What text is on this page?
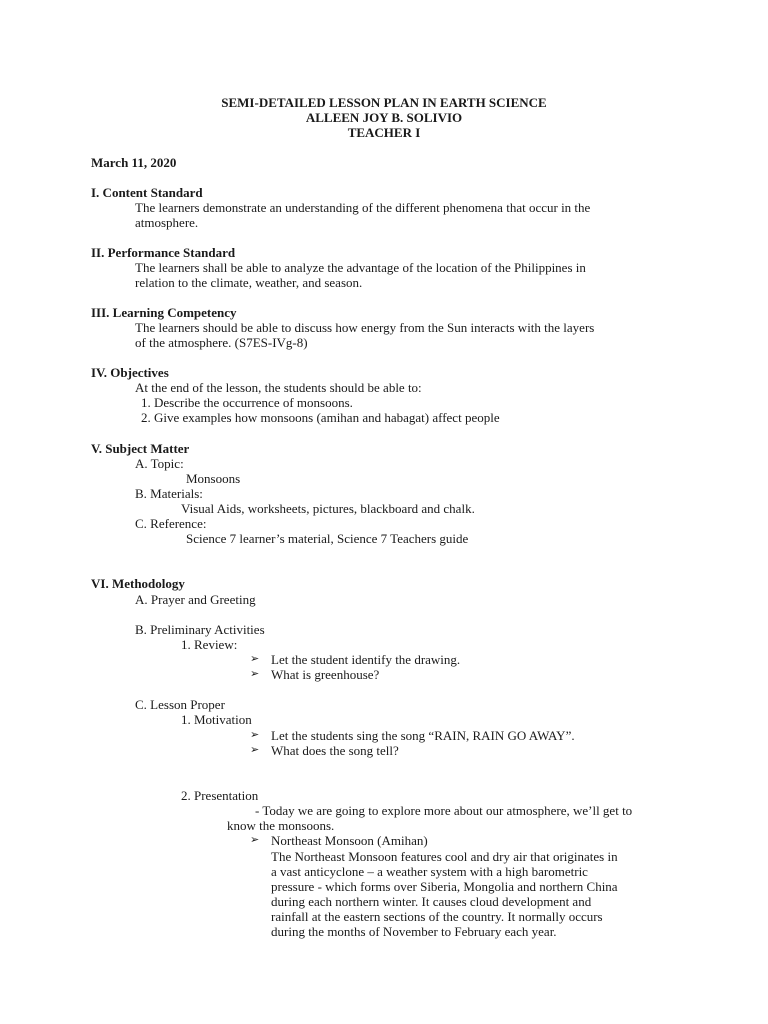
SEMI-DETAILED LESSON PLAN IN EARTH SCIENCE
ALLEEN JOY B. SOLIVIO
TEACHER I
March 11, 2020
I. Content Standard
The learners demonstrate an understanding of the different phenomena that occur in the
atmosphere.
II. Performance Standard
The learners shall be able to analyze the advantage of the location of the Philippines in
relation to the climate, weather, and season.
III. Learning Competency
The learners should be able to discuss how energy from the Sun interacts with the layers
of the atmosphere. (S7ES-IVg-8)
IV. Objectives
At the end of the lesson, the students should be able to:
1. Describe the occurrence of monsoons.
2. Give examples how monsoons (amihan and habagat) affect people
V. Subject Matter
A. Topic:
Monsoons
B. Materials:
Visual Aids, worksheets, pictures, blackboard and chalk.
C. Reference:
Science 7 learner’s material, Science 7 Teachers guide
VI. Methodology
A. Prayer and Greeting
B. Preliminary Activities
1. Review:
➢ Let the student identify the drawing.
➢ What is greenhouse?
C. Lesson Proper
1. Motivation
➢ Let the students sing the song “RAIN, RAIN GO AWAY”.
➢ What does the song tell?
2. Presentation
- Today we are going to explore more about our atmosphere, we’ll get to
know the monsoons.
➢ Northeast Monsoon (Amihan)
The Northeast Monsoon features cool and dry air that originates in
a vast anticyclone – a weather system with a high barometric
pressure - which forms over Siberia, Mongolia and northern China
during each northern winter. It causes cloud development and
rainfall at the eastern sections of the country. It normally occurs
during the months of November to February each year.
